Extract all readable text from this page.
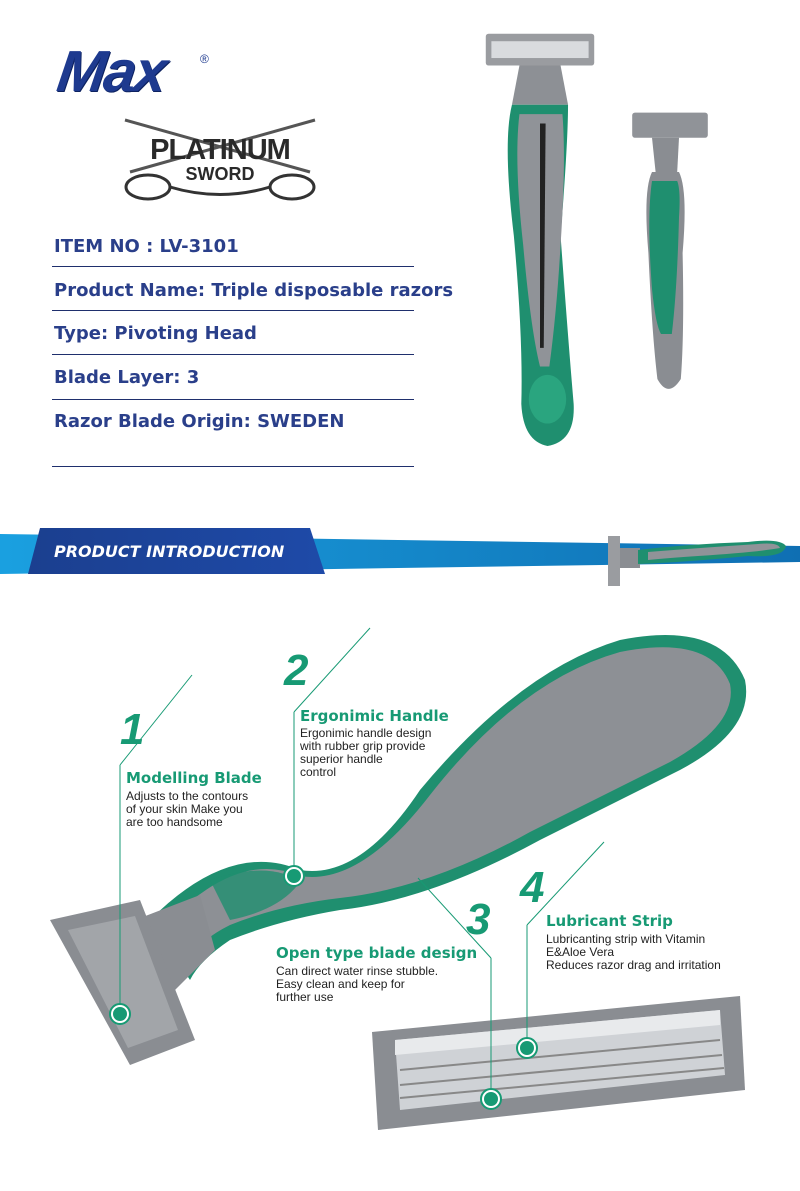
Max	®
PLATINUM
SWORD
ITEM NO : LV-3101
Product Name: Triple disposable razors
Type: Pivoting Head
Blade Layer: 3
Razor Blade Origin: SWEDEN
PRODUCT INTRODUCTION
1
Modelling Blade
Adjusts to the contours
of your skin Make you
are too handsome
2
Ergonimic Handle
Ergonimic handle design
with rubber grip provide
superior handle
control
3
Open type blade design
Can direct water rinse stubble.
Easy clean and keep for
further use
4
Lubricant Strip
Lubricanting strip with Vitamin
E&Aloe Vera
Reduces razor drag and irritation
